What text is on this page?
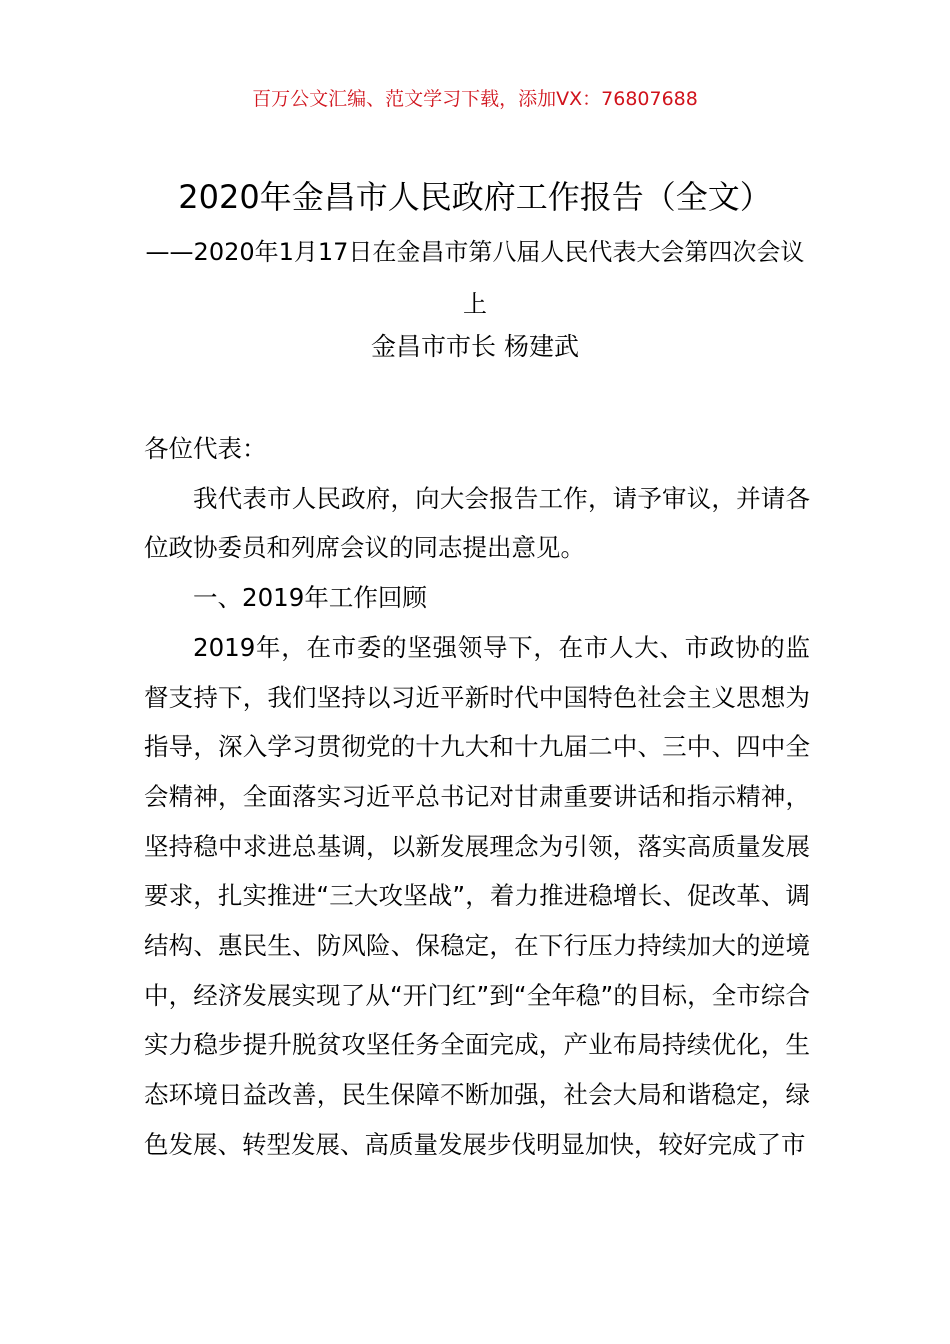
百万公文汇编、范文学习下载，添加VX：76807688
2020年金昌市人民政府工作报告（全文）
——2020年1月17日在金昌市第八届人民代表大会第四次会议上
金昌市市长 杨建武

各位代表：

我代表市人民政府，向大会报告工作，请予审议，并请各位政协委员和列席会议的同志提出意见。

一、2019年工作回顾

2019年，在市委的坚强领导下，在市人大、市政协的监督支持下，我们坚持以习近平新时代中国特色社会主义思想为指导，深入学习贯彻党的十九大和十九届二中、三中、四中全会精神，全面落实习近平总书记对甘肃重要讲话和指示精神，坚持稳中求进总基调，以新发展理念为引领，落实高质量发展要求，扎实推进“三大攻坚战”，着力推进稳增长、促改革、调结构、惠民生、防风险、保稳定，在下行压力持续加大的逆境中，经济发展实现了从“开门红”到“全年稳”的目标，全市综合实力稳步提升脱贫攻坚任务全面完成，产业布局持续优化，生态环境日益改善，民生保障不断加强，社会大局和谐稳定，绿色发展、转型发展、高质量发展步伐明显加快，较好完成了市
